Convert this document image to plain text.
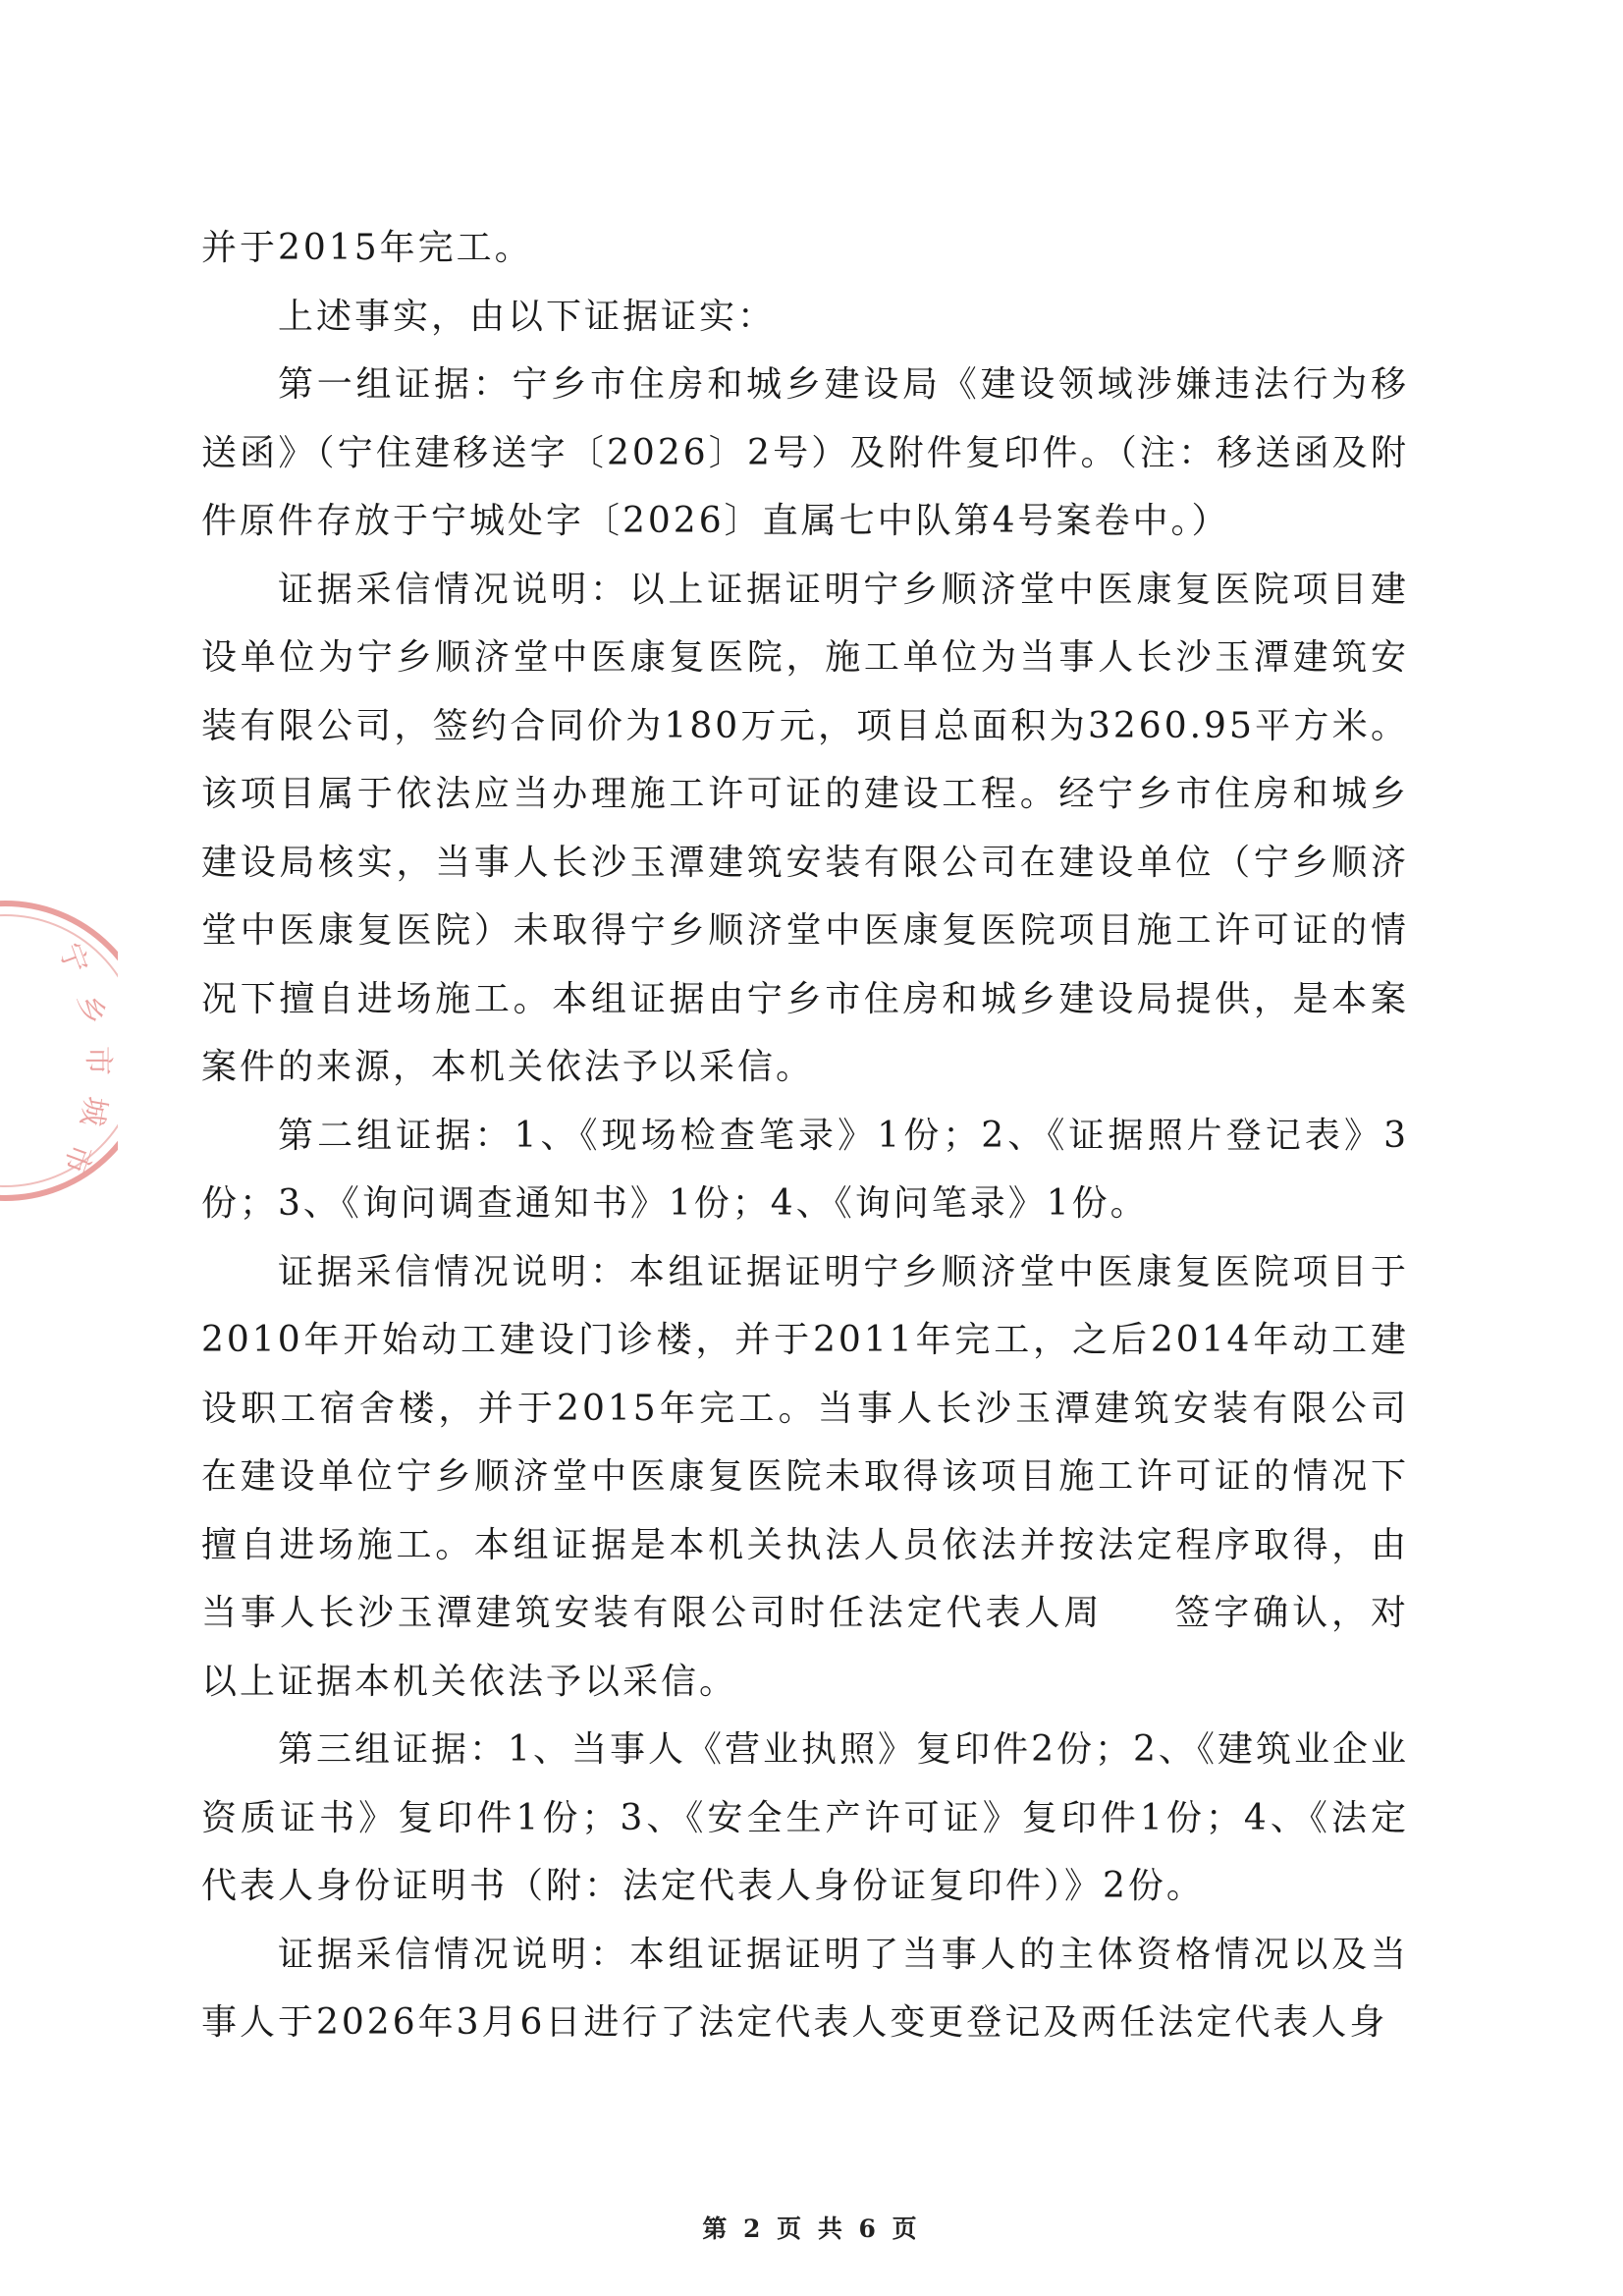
宁
乡
市
城
市

并于2015年完工。

上述事实，由以下证据证实：

第一组证据：宁乡市住房和城乡建设局《建设领域涉嫌违法行为移送函》（宁住建移送字〔2026〕2号）及附件复印件。（注：移送函及附件原件存放于宁城处字〔2026〕直属七中队第4号案卷中。）

证据采信情况说明：以上证据证明宁乡顺济堂中医康复医院项目建设单位为宁乡顺济堂中医康复医院，施工单位为当事人长沙玉潭建筑安装有限公司，签约合同价为180万元，项目总面积为3260.95平方米。该项目属于依法应当办理施工许可证的建设工程。经宁乡市住房和城乡建设局核实，当事人长沙玉潭建筑安装有限公司在建设单位（宁乡顺济堂中医康复医院）未取得宁乡顺济堂中医康复医院项目施工许可证的情况下擅自进场施工。本组证据由宁乡市住房和城乡建设局提供，是本案案件的来源，本机关依法予以采信。

第二组证据：1、《现场检查笔录》1份；2、《证据照片登记表》3份；3、《询问调查通知书》1份；4、《询问笔录》1份。

证据采信情况说明：本组证据证明宁乡顺济堂中医康复医院项目于2010年开始动工建设门诊楼，并于2011年完工，之后2014年动工建设职工宿舍楼，并于2015年完工。当事人长沙玉潭建筑安装有限公司在建设单位宁乡顺济堂中医康复医院未取得该项目施工许可证的情况下擅自进场施工。本组证据是本机关执法人员依法并按法定程序取得，由当事人长沙玉潭建筑安装有限公司时任法定代表人周 签字确认，对以上证据本机关依法予以采信。

第三组证据：1、当事人《营业执照》复印件2份；2、《建筑业企业资质证书》复印件1份；3、《安全生产许可证》复印件1份；4、《法定代表人身份证明书（附：法定代表人身份证复印件）》2份。

证据采信情况说明：本组证据证明了当事人的主体资格情况以及当事人于2026年3月6日进行了法定代表人变更登记及两任法定代表人身

第 2 页 共 6 页
